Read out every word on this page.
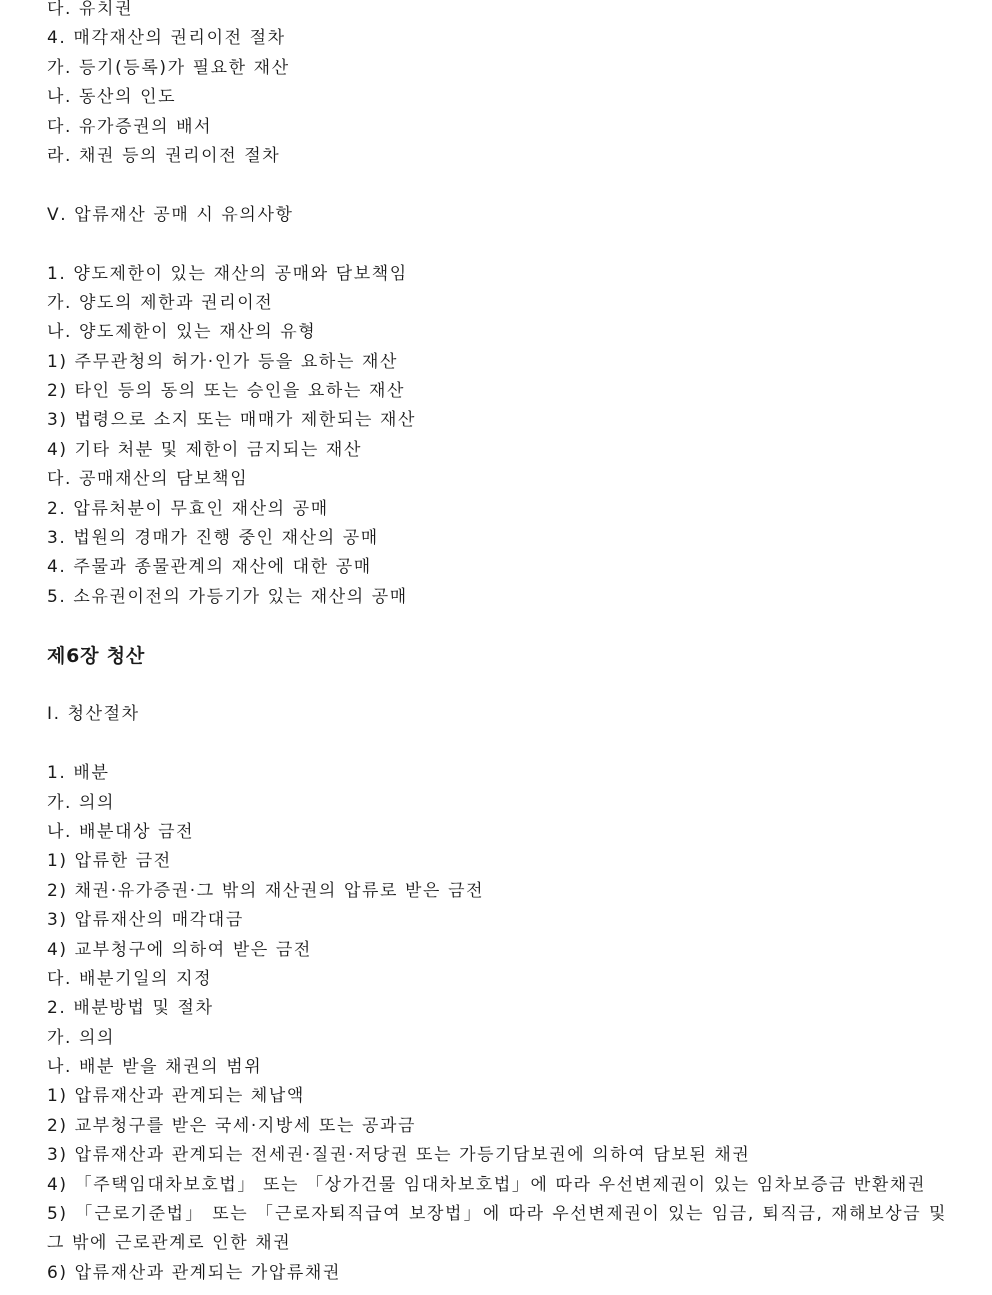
다. 유치권
4. 매각재산의 권리이전 절차
가. 등기(등록)가 필요한 재산
나. 동산의 인도
다. 유가증권의 배서
라. 채권 등의 권리이전 절차
Ⅴ. 압류재산 공매 시 유의사항
1. 양도제한이 있는 재산의 공매와 담보책임
가. 양도의 제한과 권리이전
나. 양도제한이 있는 재산의 유형
1) 주무관청의 허가·인가 등을 요하는 재산
2) 타인 등의 동의 또는 승인을 요하는 재산
3) 법령으로 소지 또는 매매가 제한되는 재산
4) 기타 처분 및 제한이 금지되는 재산
다. 공매재산의 담보책임
2. 압류처분이 무효인 재산의 공매
3. 법원의 경매가 진행 중인 재산의 공매
4. 주물과 종물관계의 재산에 대한 공매
5. 소유권이전의 가등기가 있는 재산의 공매
제6장 청산
Ⅰ. 청산절차
1. 배분
가. 의의
나. 배분대상 금전
1) 압류한 금전
2) 채권·유가증권·그 밖의 재산권의 압류로 받은 금전
3) 압류재산의 매각대금
4) 교부청구에 의하여 받은 금전
다. 배분기일의 지정
2. 배분방법 및 절차
가. 의의
나. 배분 받을 채권의 범위
1) 압류재산과 관계되는 체납액
2) 교부청구를 받은 국세·지방세 또는 공과금
3) 압류재산과 관계되는 전세권·질권·저당권 또는 가등기담보권에 의하여 담보된 채권
4) 「주택임대차보호법」 또는 「상가건물 임대차보호법」에 따라 우선변제권이 있는 임차보증금 반환채권
5) 「근로기준법」 또는 「근로자퇴직급여 보장법」에 따라 우선변제권이 있는 임금, 퇴직금, 재해보상금 및 그 밖에 근로관계로 인한 채권
6) 압류재산과 관계되는 가압류채권
